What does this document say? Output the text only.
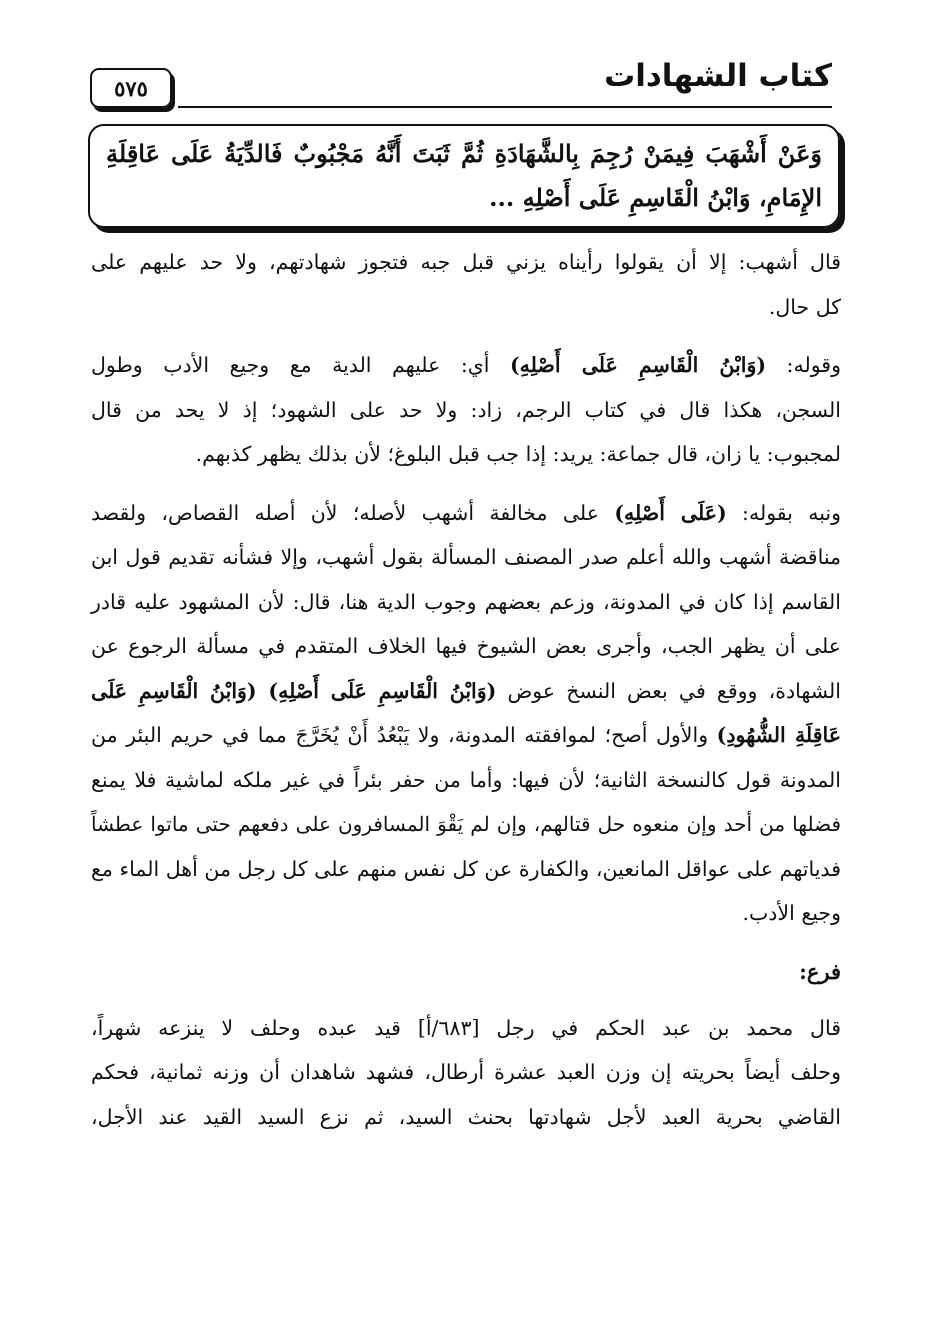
٥٧٥	كتاب الشهادات
وَعَنْ أَشْهَبَ فِيمَنْ رُجِمَ بِالشَّهَادَةِ ثُمَّ ثَبَتَ أَنَّهُ مَجْبُوبٌ فَالدِّيَةُ عَلَى عَاقِلَةِ
الإِمَامِ، وَابْنُ الْقَاسِمِ عَلَى أَصْلِهِ ...
قال أشهب: إلا أن يقولوا رأيناه يزني قبل جبه فتجوز شهادتهم، ولا حد عليهم على
كل حال.
وقوله: (وَابْنُ الْقَاسِمِ عَلَى أَصْلِهِ) أي: عليهم الدية مع وجيع الأدب وطول
السجن، هكذا قال في كتاب الرجم، زاد: ولا حد على الشهود؛ إذ لا يحد من قال
لمجبوب: يا زان، قال جماعة: يريد: إذا جب قبل البلوغ؛ لأن بذلك يظهر كذبهم.
ونبه بقوله: (عَلَى أَصْلِهِ) على مخالفة أشهب لأصله؛ لأن أصله القصاص، ولقصد
مناقضة أشهب والله أعلم صدر المصنف المسألة بقول أشهب، وإلا فشأنه تقديم قول ابن
القاسم إذا كان في المدونة، وزعم بعضهم وجوب الدية هنا، قال: لأن المشهود عليه قادر
على أن يظهر الجب، وأجرى بعض الشيوخ فيها الخلاف المتقدم في مسألة الرجوع عن
الشهادة، ووقع في بعض النسخ عوض (وَابْنُ الْقَاسِمِ عَلَى أَصْلِهِ) (وَابْنُ الْقَاسِمِ عَلَى
عَاقِلَةِ الشُّهُودِ) والأول أصح؛ لموافقته المدونة، ولا يَبْعُدُ أَنْ يُخَرَّجَ مما في حريم البئر من
المدونة قول كالنسخة الثانية؛ لأن فيها: وأما من حفر بئراً في غير ملكه لماشية فلا يمنع
فضلها من أحد وإن منعوه حل قتالهم، وإن لم يَقْوَ المسافرون على دفعهم حتى ماتوا عطشاً
فدياتهم على عواقل المانعين، والكفارة عن كل نفس منهم على كل رجل من أهل الماء مع
وجيع الأدب.
فرع:
قال محمد بن عبد الحكم في رجل [٦٨٣/أ] قيد عبده وحلف لا ينزعه شهراً،
وحلف أيضاً بحريته إن وزن العبد عشرة أرطال، فشهد شاهدان أن وزنه ثمانية، فحكم
القاضي بحرية العبد لأجل شهادتها بحنث السيد، ثم نزع السيد القيد عند الأجل،
